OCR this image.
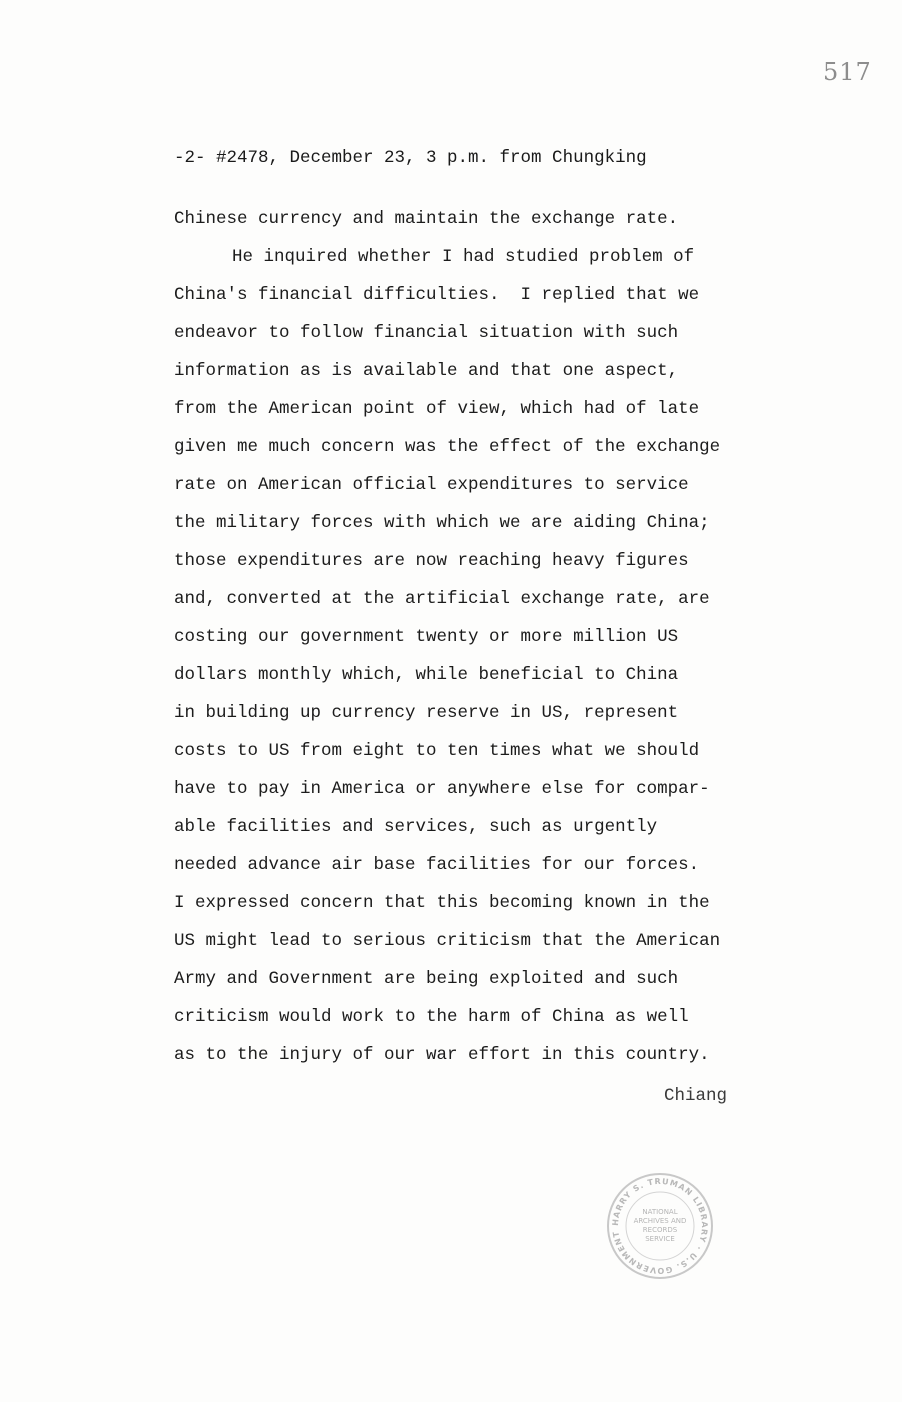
517
-2- #2478, December 23, 3 p.m. from Chungking
Chinese currency and maintain the exchange rate.
He inquired whether I had studied problem of
China's financial difficulties.  I replied that we
endeavor to follow financial situation with such
information as is available and that one aspect,
from the American point of view, which had of late
given me much concern was the effect of the exchange
rate on American official expenditures to service
the military forces with which we are aiding China;
those expenditures are now reaching heavy figures
and, converted at the artificial exchange rate, are
costing our government twenty or more million US
dollars monthly which, while beneficial to China
in building up currency reserve in US, represent
costs to US from eight to ten times what we should
have to pay in America or anywhere else for compar-
able facilities and services, such as urgently
needed advance air base facilities for our forces.
I expressed concern that this becoming known in the
US might lead to serious criticism that the American
Army and Government are being exploited and such
criticism would work to the harm of China as well
as to the injury of our war effort in this country.
Chiang
HARRY S. TRUMAN LIBRARY · U.S. GOVERNMENT
NATIONAL
ARCHIVES AND
RECORDS
SERVICE
